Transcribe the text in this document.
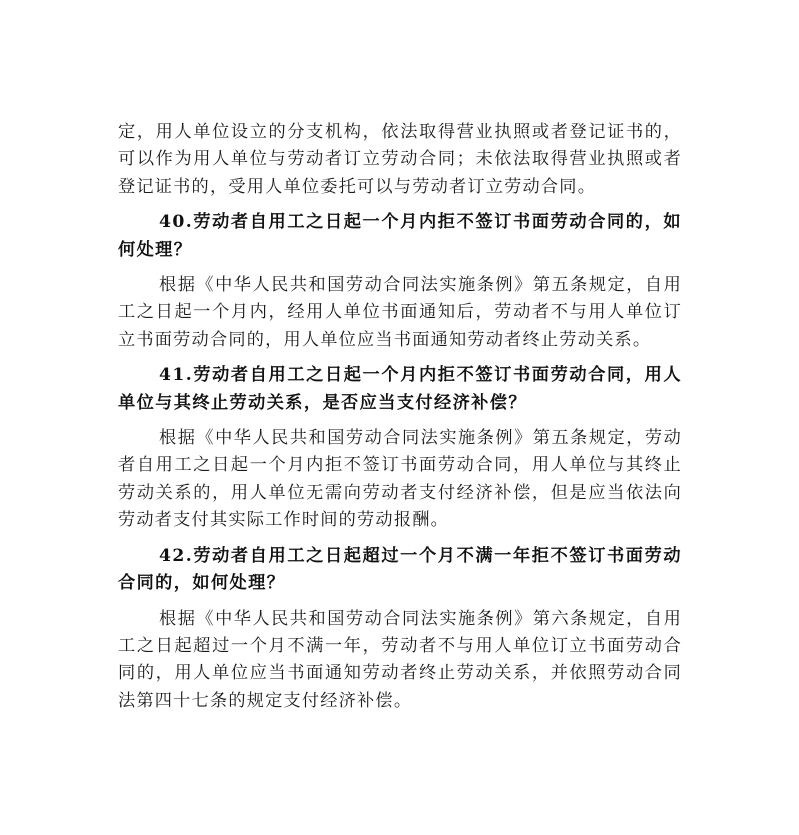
定，用人单位设立的分支机构，依法取得营业执照或者登记证书的，可以作为用人单位与劳动者订立劳动合同；未依法取得营业执照或者登记证书的，受用人单位委托可以与劳动者订立劳动合同。

40.劳动者自用工之日起一个月内拒不签订书面劳动合同的，如何处理？

根据《中华人民共和国劳动合同法实施条例》第五条规定，自用工之日起一个月内，经用人单位书面通知后，劳动者不与用人单位订立书面劳动合同的，用人单位应当书面通知劳动者终止劳动关系。

41.劳动者自用工之日起一个月内拒不签订书面劳动合同，用人单位与其终止劳动关系，是否应当支付经济补偿？

根据《中华人民共和国劳动合同法实施条例》第五条规定，劳动者自用工之日起一个月内拒不签订书面劳动合同，用人单位与其终止劳动关系的，用人单位无需向劳动者支付经济补偿，但是应当依法向劳动者支付其实际工作时间的劳动报酬。

42.劳动者自用工之日起超过一个月不满一年拒不签订书面劳动合同的，如何处理？

根据《中华人民共和国劳动合同法实施条例》第六条规定，自用工之日起超过一个月不满一年，劳动者不与用人单位订立书面劳动合同的，用人单位应当书面通知劳动者终止劳动关系，并依照劳动合同法第四十七条的规定支付经济补偿。
